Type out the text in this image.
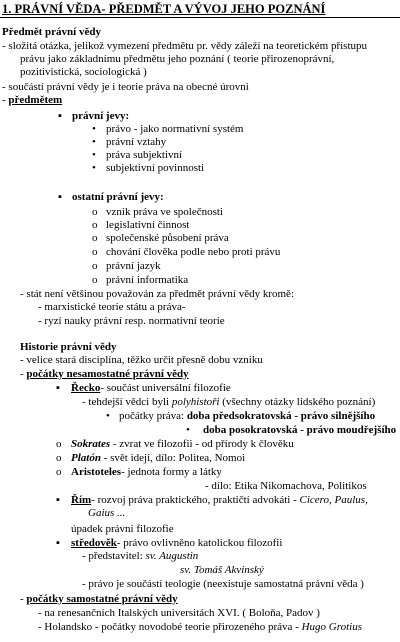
1. PRÁVNÍ VĚDA- PŘEDMĚT A VÝVOJ JEHO POZNÁNÍ
Předmět právní vědy
- složitá otázka, jelikož vymezení předmětu pr. vědy záleží na teoretickém přístupu
právu jako základnímu předmětu jeho poznání ( teorie přirozenoprávní,
pozitivistická, sociologická )
- součástí právní vědy je i teorie práva na obecné úrovni
- předmětem
▪ právní jevy:
• právo - jako normativní systém
• právní vztahy
• práva subjektivní
• subjektivní povinnosti
▪ ostatní právní jevy:
o vznik práva ve společnosti
o legislativní činnost
o společenské působení práva
o chování člověka podle nebo proti právu
o právní jazyk
o právní informatika
- stát není většinou považován za předmět právní vědy kromě:
- marxistické teorie státu a práva-
- ryzí nauky právní resp. normativní teorie
Historie právní vědy
- velice stará disciplína, těžko určit přesně dobu vzniku
- počátky nesamostatné právní vědy
▪ Řecko- součást universální filozofie
- tehdejší vědci byli polyhistoři (všechny otázky lidského poznání)
• počátky práva: doba předsokratovská - právo silnějšího
• doba posokratovská - právo moudřejšího
o Sokrates - zvrat ve filozofii - od přírody k člověku
o Platón - svět idejí, dílo: Politea, Nomoi
o Aristoteles- jednota formy a látky
- dílo: Etika Nikomachova, Politikos
▪ Řím- rozvoj práva praktického, praktičtí advokáti - Cicero, Paulus,
Gaius ...
úpadek právní filozofie
▪ středověk- právo ovlivněno katolickou filozofii
- představitel: sv. Augustin
sv. Tomáš Akvinský
- právo je součástí teologie (neexistuje samostatná právní věda )
- počátky samostatné právní vědy
- na renesančních Italských universitách XVI. ( Boloňa, Padov )
- Holandsko - počátky novodobé teorie přirozeného práva - Hugo Grotius
